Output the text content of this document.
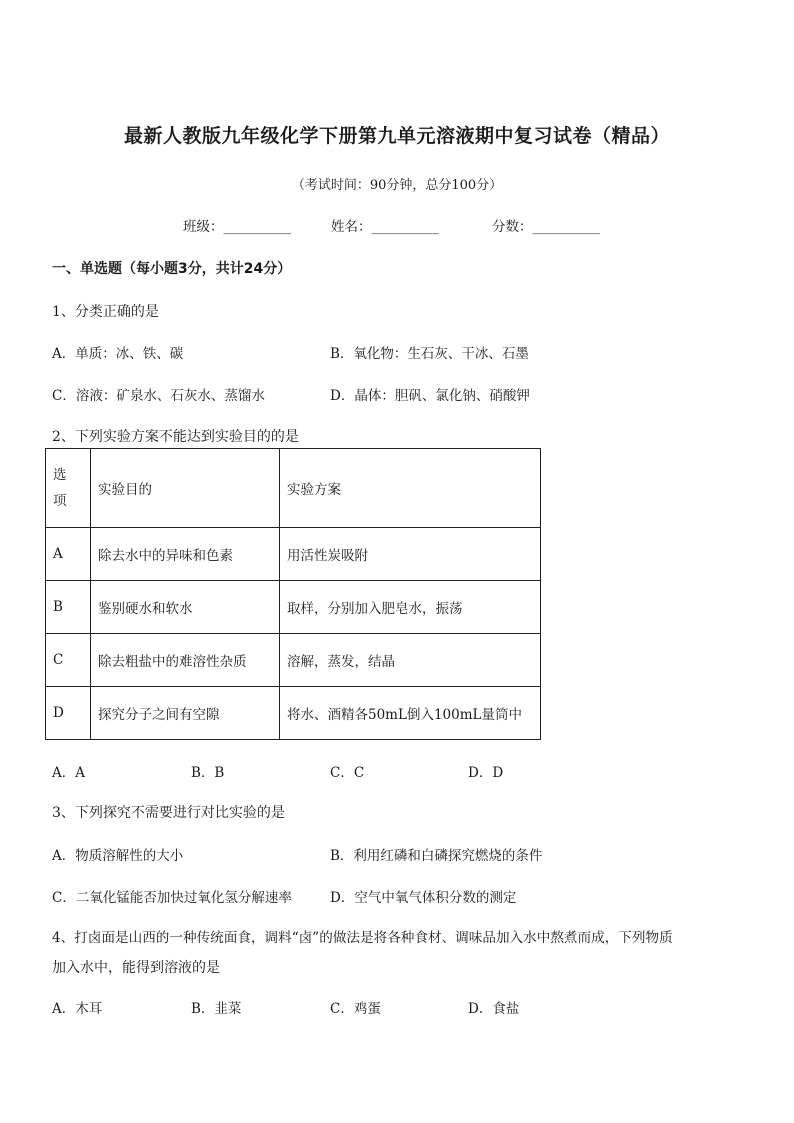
最新人教版九年级化学下册第九单元溶液期中复习试卷（精品）
（考试时间：90分钟，总分100分）
班级：__________	姓名：__________	分数：__________
一、单选题（每小题3分，共计24分）
1、分类正确的是
A．单质：冰、铁、碳	B．氧化物：生石灰、干冰、石墨
C．溶液：矿泉水、石灰水、蒸馏水	D．晶体：胆矾、氯化钠、硝酸钾
2、下列实验方案不能达到实验目的的是
选
项	实验目的	实验方案
A	除去水中的异味和色素	用活性炭吸附
B	鉴别硬水和软水	取样，分别加入肥皂水，振荡
C	除去粗盐中的难溶性杂质	溶解，蒸发，结晶
D	探究分子之间有空隙	将水、酒精各50mL倒入100mL量筒中
A．A	B．B	C．C	D．D
3、下列探究不需要进行对比实验的是
A．物质溶解性的大小	B．利用红磷和白磷探究燃烧的条件
C．二氧化锰能否加快过氧化氢分解速率	D．空气中氧气体积分数的测定
4、打卤面是山西的一种传统面食，调料“卤”的做法是将各种食材、调味品加入水中熬煮而成，下列物质
加入水中，能得到溶液的是
A．木耳	B．韭菜	C．鸡蛋	D．食盐
